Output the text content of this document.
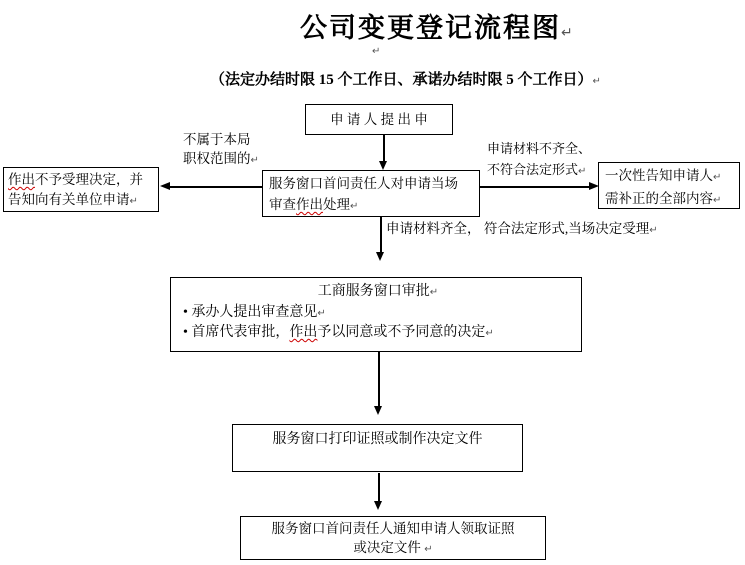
公司变更登记流程图↵
↵
（法定办结时限 15 个工作日、承诺办结时限 5 个工作日）↵
申 请 人 提 出 申
不属于本局
职权范围的↵
作出不予受理决定，并
告知向有关单位申请↵
服务窗口首问责任人对申请当场
审查作出处理↵
申请材料不齐全、
不符合法定形式↵	一次性告知申请人↵
需补正的全部内容↵
申请材料齐全， 符合法定形式,当场决定受理↵
工商服务窗口审批↵
• 承办人提出审查意见↵
• 首席代表审批，作出予以同意或不予同意的决定↵
服务窗口打印证照或制作决定文件
服务窗口首问责任人通知申请人领取证照
或决定文件 ↵
